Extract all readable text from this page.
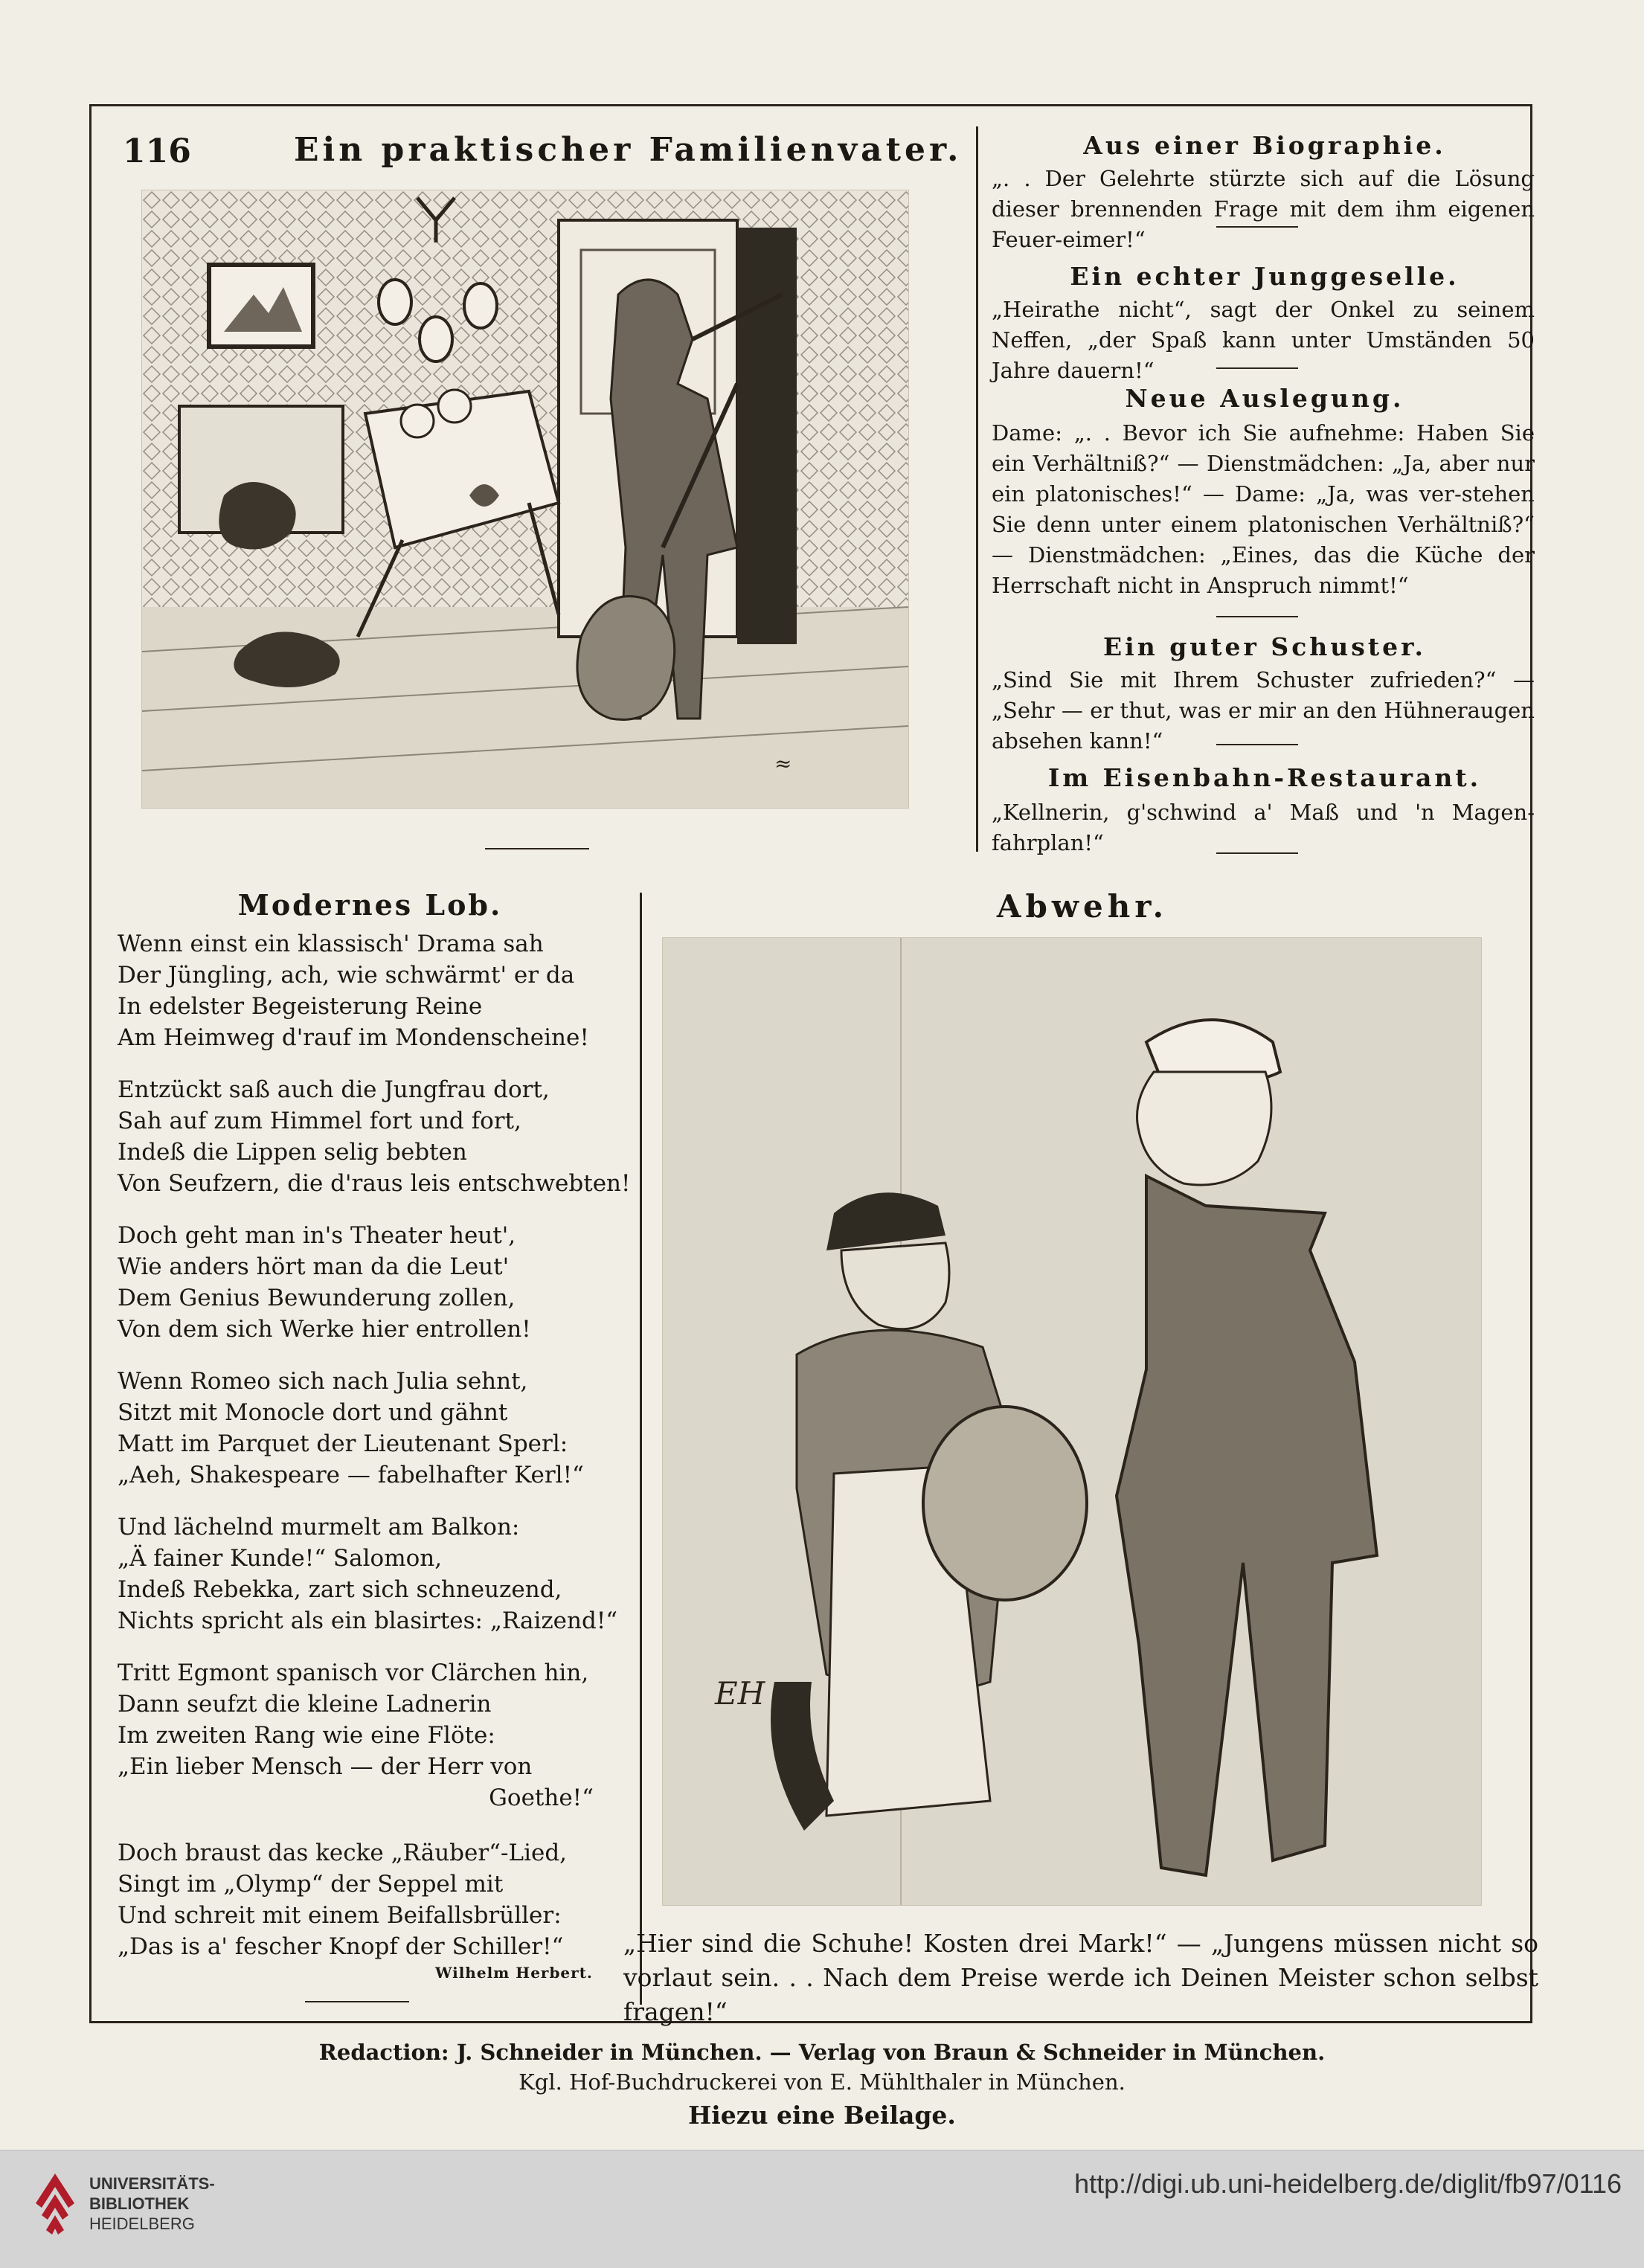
116	Ein praktischer Familienvater.
≈
Aus einer Biographie.

„. . Der Gelehrte stürzte sich auf die Lösung dieser brennenden Frage mit dem ihm eigenen Feuer-eimer!“

Ein echter Junggeselle.

„Heirathe nicht“, sagt der Onkel zu seinem Neffen, „der Spaß kann unter Umständen 50 Jahre dauern!“

Neue Auslegung.

Dame: „. . Bevor ich Sie aufnehme: Haben Sie ein Verhältniß?“ — Dienstmädchen: „Ja, aber nur ein platonisches!“ — Dame: „Ja, was ver-stehen Sie denn unter einem platonischen Verhältniß?“ — Dienstmädchen: „Eines, das die Küche der Herrschaft nicht in Anspruch nimmt!“

Ein guter Schuster.

„Sind Sie mit Ihrem Schuster zufrieden?“ — „Sehr — er thut, was er mir an den Hühneraugen absehen kann!“

Im Eisenbahn-Restaurant.

„Kellnerin, g'schwind a' Maß und 'n Magen-fahrplan!“

Modernes Lob.
Wenn einst ein klassisch' Drama sah
Der Jüngling, ach, wie schwärmt' er da
In edelster Begeisterung Reine
Am Heimweg d'rauf im Mondenscheine!
Entzückt saß auch die Jungfrau dort,
Sah auf zum Himmel fort und fort,
Indeß die Lippen selig bebten
Von Seufzern, die d'raus leis entschwebten!
Doch geht man in's Theater heut',
Wie anders hört man da die Leut'
Dem Genius Bewunderung zollen,
Von dem sich Werke hier entrollen!
Wenn Romeo sich nach Julia sehnt,
Sitzt mit Monocle dort und gähnt
Matt im Parquet der Lieutenant Sperl:
„Aeh, Shakespeare — fabelhafter Kerl!“
Und lächelnd murmelt am Balkon:
„Ä fainer Kunde!“ Salomon,
Indeß Rebekka, zart sich schneuzend,
Nichts spricht als ein blasirtes: „Raizend!“
Tritt Egmont spanisch vor Clärchen hin,
Dann seufzt die kleine Ladnerin
Im zweiten Rang wie eine Flöte:
„Ein lieber Mensch — der Herr von
Goethe!“
Doch braust das kecke „Räuber“-Lied,
Singt im „Olymp“ der Seppel mit
Und schreit mit einem Beifallsbrüller:
„Das is a' fescher Knopf der Schiller!“
Wilhelm Herbert.
Abwehr.
EH

„Hier sind die Schuhe! Kosten drei Mark!“ — „Jungens müssen nicht so vorlaut sein. . . Nach dem Preise werde ich Deinen Meister schon selbst fragen!“

Redaction: J. Schneider in München. — Verlag von Braun & Schneider in München.
Kgl. Hof-Buchdruckerei von E. Mühlthaler in München.
Hiezu eine Beilage.
UNIVERSITÄTS-
BIBLIOTHEK
HEIDELBERG
http://digi.ub.uni-heidelberg.de/diglit/fb97/0116
